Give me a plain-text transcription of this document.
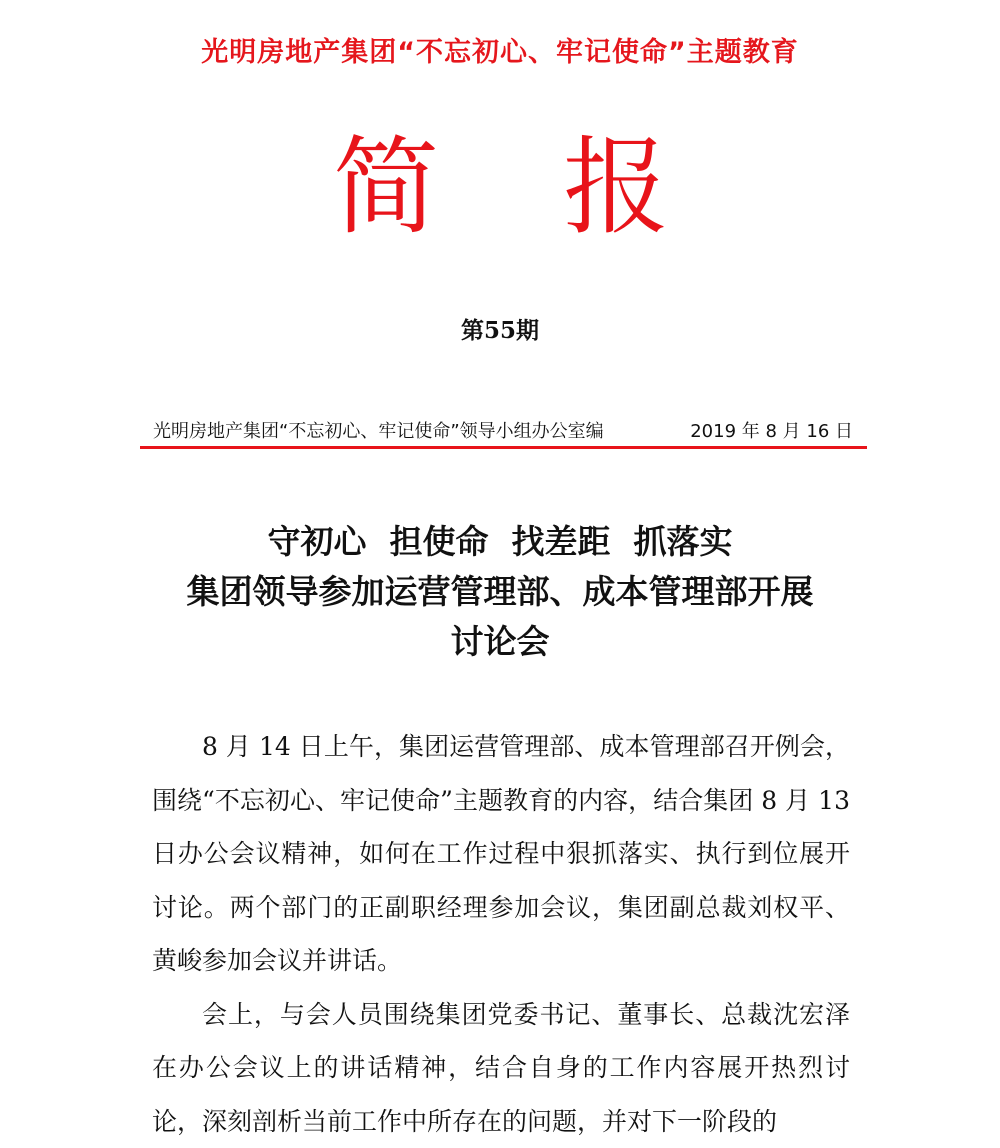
光明房地产集团“不忘初心、牢记使命”主题教育
简 报
第55期
光明房地产集团“不忘初心、牢记使命”领导小组办公室编	2019 年 8 月 16 日
守初心  担使命  找差距  抓落实
集团领导参加运营管理部、成本管理部开展
讨论会

8 月 14 日上午，集团运营管理部、成本管理部召开例会，围绕“不忘初心、牢记使命”主题教育的内容，结合集团 8 月 13 日办公会议精神，如何在工作过程中狠抓落实、执行到位展开讨论。两个部门的正副职经理参加会议，集团副总裁刘权平、黄峻参加会议并讲话。

会上，与会人员围绕集团党委书记、董事长、总裁沈宏泽在办公会议上的讲话精神，结合自身的工作内容展开热烈讨论，深刻剖析当前工作中所存在的问题，并对下一阶段的
